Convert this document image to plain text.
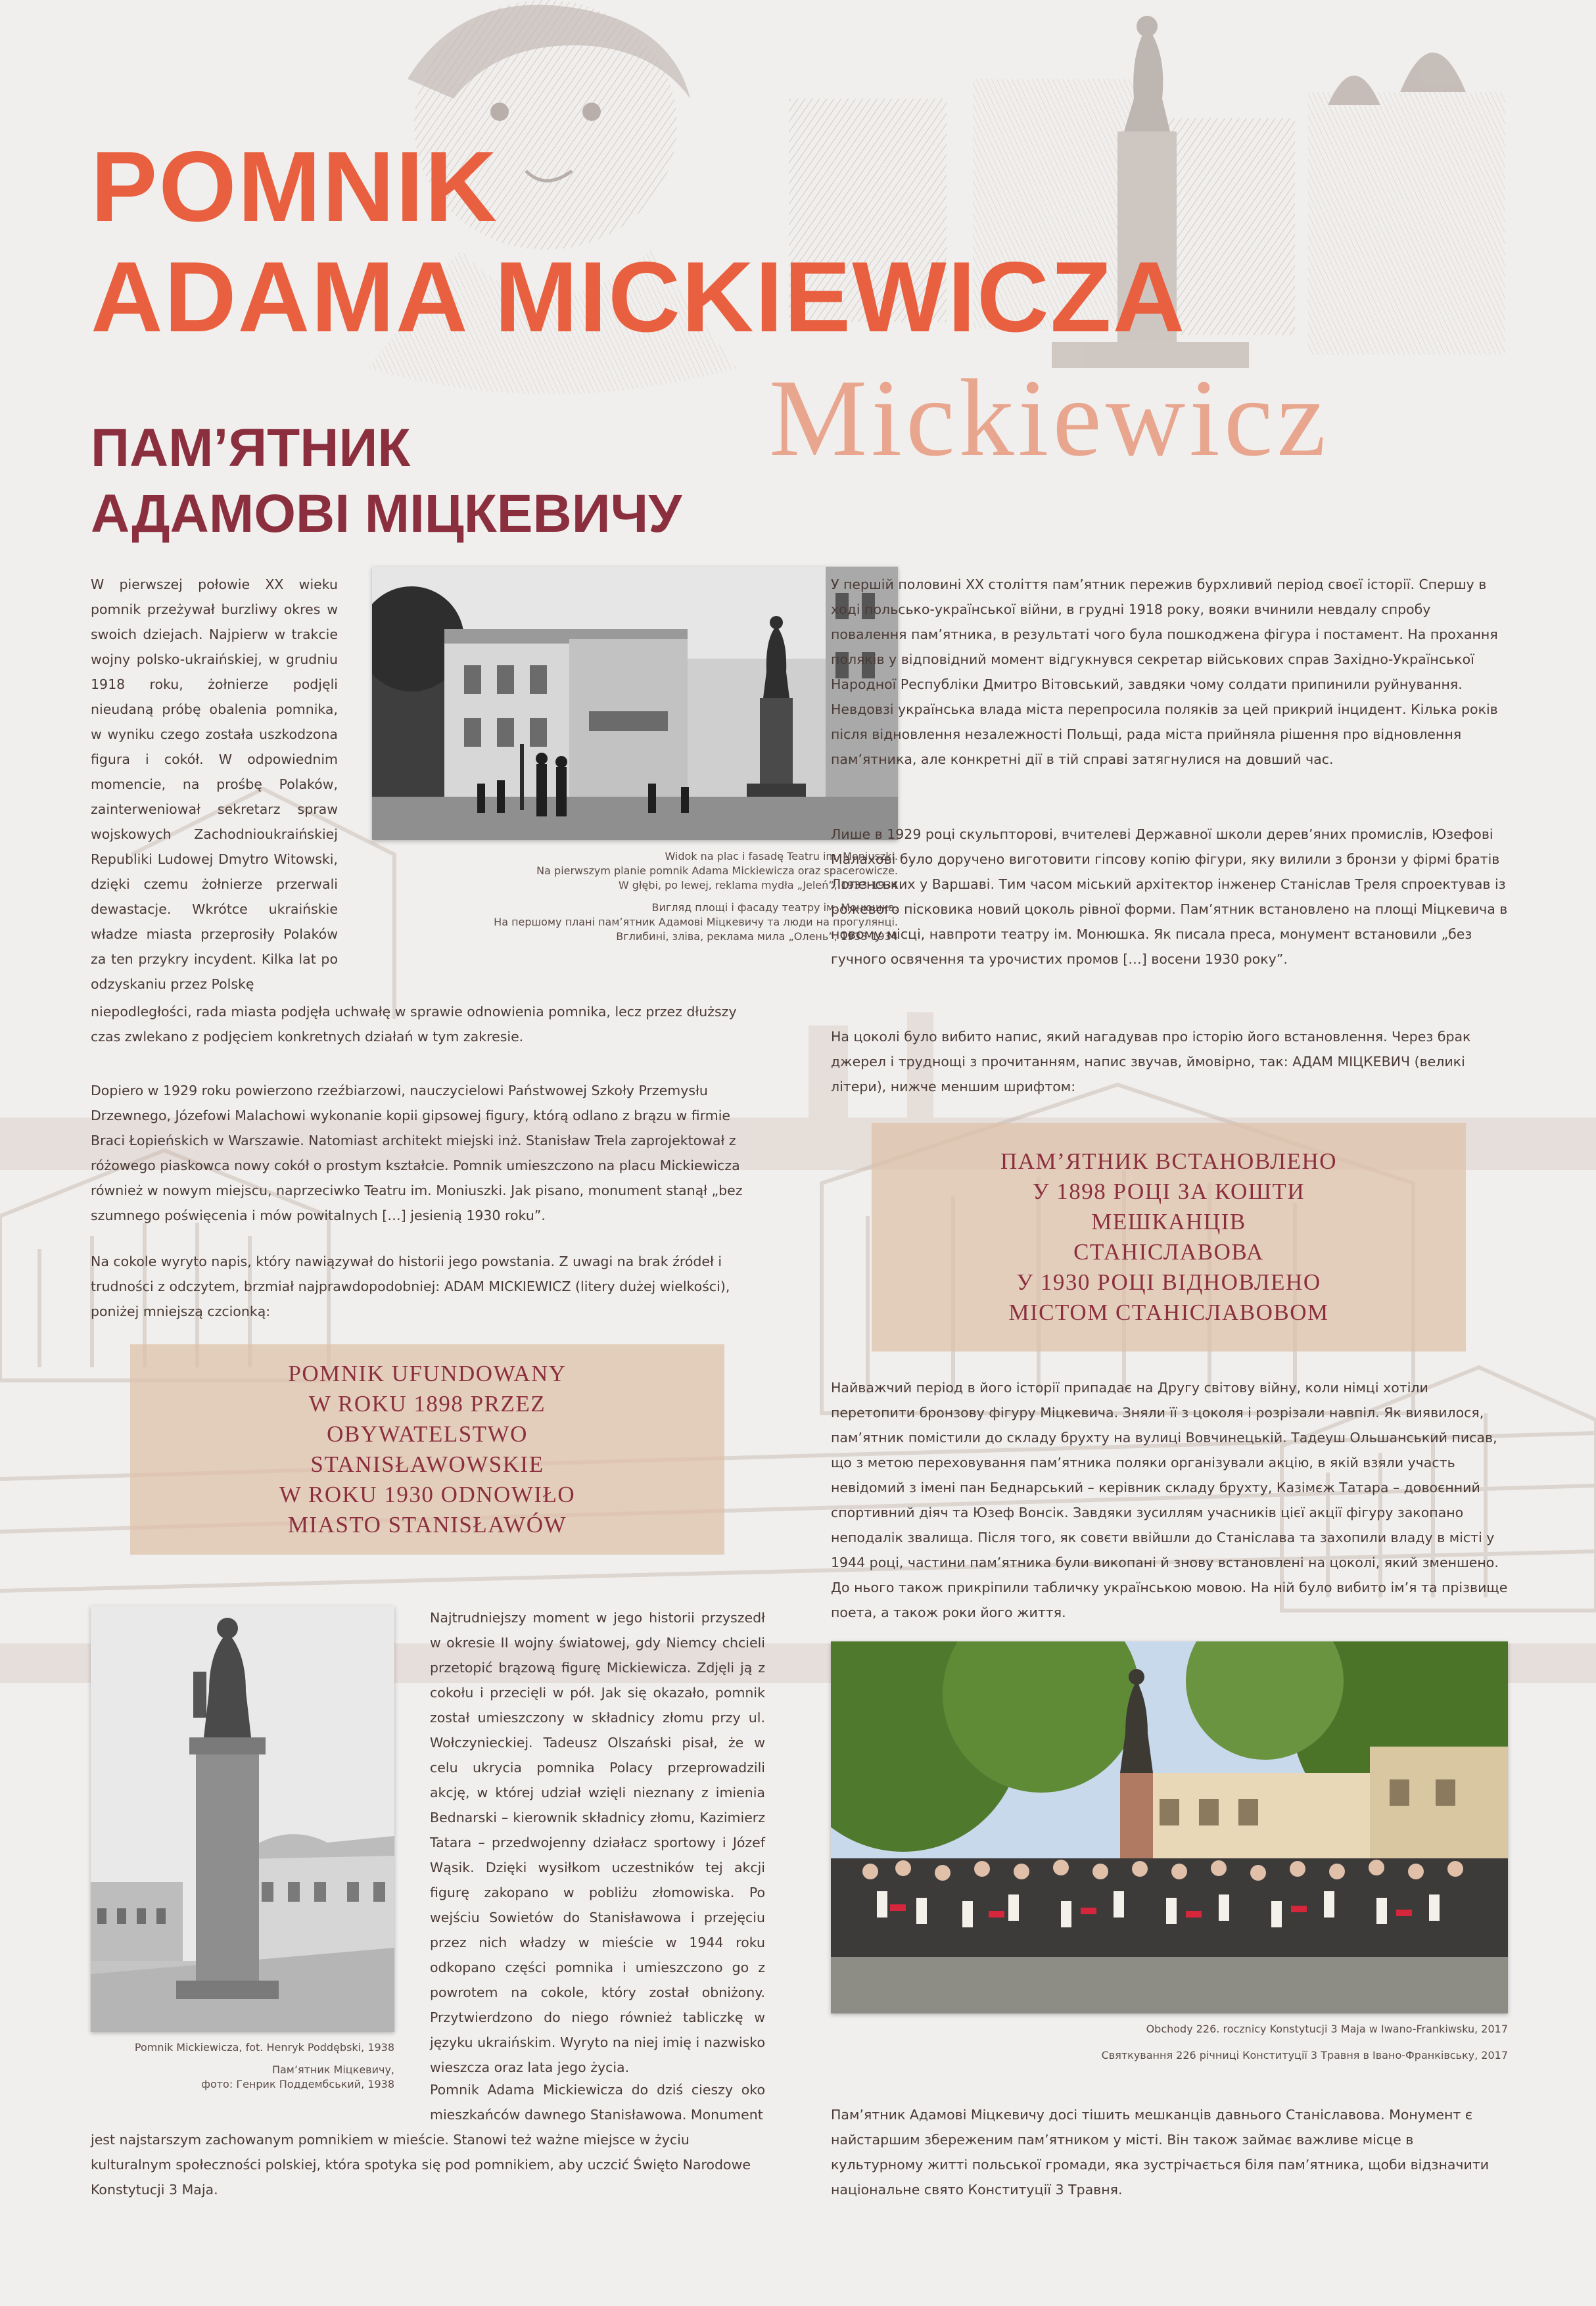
POMNIK
ADAMA MICKIEWICZA
Mickiewicz
ПАМ’ЯТНИК
АДАМОВІ МІЦКЕВИЧУ

W pierwszej połowie XX wieku pomnik przeżywał burzliwy okres w swoich dziejach. Najpierw w trakcie wojny polsko-ukraińskiej, w grudniu 1918 roku, żołnierze podjęli nieudaną próbę obalenia pomnika, w wyniku czego została uszkodzona figura i cokół. W odpowiednim momencie, na prośbę Polaków, zainterweniował sekretarz spraw wojskowych Zachodnioukraińskiej Republiki Ludowej Dmytro Witowski, dzięki czemu żołnierze przerwali dewastacje. Wkrótce ukraińskie władze miasta przeprosiły Polaków za ten przykry incydent. Kilka lat po odzyskaniu przez Polskę

Widok na plac i fasadę Teatru im. Moniuszki.

Na pierwszym planie pomnik Adama Mickiewicza oraz spacerowicze.

W głębi, po lewej, reklama mydła „Jeleń”, 1933-1934

Вигляд площі і фасаду театру ім. Монюшка.

На першому плані пам’ятник Адамові Міцкевичу та люди на прогулянці.

Вглибині, зліва, реклама мила „Олень”, 1933-1934

niepodległości, rada miasta podjęła uchwałę w sprawie odnowienia pomnika, lecz przez dłuższy czas zwlekano z podjęciem konkretnych działań w tym zakresie.

Dopiero w 1929 roku powierzono rzeźbiarzowi, nauczycielowi Państwowej Szkoły Przemysłu Drzewnego, Józefowi Malachowi wykonanie kopii gipsowej figury, którą odlano z brązu w firmie Braci Łopieńskich w Warszawie. Natomiast architekt miejski inż. Stanisław Trela zaprojektował z różowego piaskowca nowy cokół o prostym kształcie. Pomnik umieszczono na placu Mickiewicza również w nowym miejscu, naprzeciwko Teatru im. Moniuszki. Jak pisano, monument stanął „bez szumnego poświęcenia i mów powitalnych […] jesienią 1930 roku”.

Na cokole wyryto napis, który nawiązywał do historii jego powstania. Z uwagi na brak źródeł i trudności z odczytem, brzmiał najprawdopodobniej: ADAM MICKIEWICZ (litery dużej wielkości), poniżej mniejszą czcionką:

POMNIK UFUNDOWANY
W ROKU 1898 PRZEZ
OBYWATELSTWO
STANISŁAWOWSKIE
W ROKU 1930 ODNOWIŁO
MIASTO STANISŁAWÓW

Pomnik Mickiewicza, fot. Henryk Poddębski, 1938

Пам’ятник Міцкевичу,

фото: Генрик Поддембський, 1938

Najtrudniejszy moment w jego historii przyszedł w okresie II wojny światowej, gdy Niemcy chcieli przetopić brązową figurę Mickiewicza. Zdjęli ją z cokołu i przecięli w pół. Jak się okazało, pomnik został umieszczony w składnicy złomu przy ul. Wołczynieckiej. Tadeusz Olszański pisał, że w celu ukrycia pomnika Polacy przeprowadzili akcję, w której udział wzięli nieznany z imienia Bednarski – kierownik składnicy złomu, Kazimierz Tatara – przedwojenny działacz sportowy i Józef Wąsik. Dzięki wysiłkom uczestników tej akcji figurę zakopano w pobliżu złomowiska. Po wejściu Sowietów do Stanisławowa i przejęciu przez nich władzy w mieście w 1944 roku odkopano części pomnika i umieszczono go z powrotem na cokole, który został obniżony. Przytwierdzono do niego również tabliczkę w języku ukraińskim. Wyryto na niej imię i nazwisko wieszcza oraz lata jego życia.

Pomnik Adama Mickiewicza do dziś cieszy oko mieszkańców dawnego Stanisławowa. Monument

jest najstarszym zachowanym pomnikiem w mieście. Stanowi też ważne miejsce w życiu kulturalnym społeczności polskiej, która spotyka się pod pomnikiem, aby uczcić Święto Narodowe Konstytucji 3 Maja.

У першій половині XX століття пам’ятник пережив бурхливий період своєї історії. Спершу в ході польсько-української війни, в грудні 1918 року, вояки вчинили невдалу спробу повалення пам’ятника, в результаті чого була пошкоджена фігура і постамент. На прохання поляків у відповідний момент відгукнувся секретар військових справ Західно-Української Народної Республіки Дмитро Вітовський, завдяки чому солдати припинили руйнування. Невдовзі українська влада міста перепросила поляків за цей прикрий інцидент. Кілька років після відновлення незалежності Польщі, рада міста прийняла рішення про відновлення пам’ятника, але конкретні дії в тій справі затягнулися на довший час.

Лише в 1929 році скульпторові, вчителеві Державної школи дерев’яних промислів, Юзефові Малахові було доручено виготовити гіпсову копію фігури, яку вилили з бронзи у фірмі братів Лопенських у Варшаві. Тим часом міський архітектор інженер Станіслав Треля спроектував із рожевого пісковика новий цоколь рівної форми. Пам’ятник встановлено на площі Міцкевича в новому місці, навпроти театру ім. Монюшка. Як писала преса, монумент встановили „без гучного освячення та урочистих промов […] восени 1930 року”.

На цоколі було вибито напис, який нагадував про історію його встановлення. Через брак джерел і труднощі з прочитанням, напис звучав, ймовірно, так: АДАМ МІЦКЕВИЧ (великі літери), нижче меншим шрифтом:

ПАМ’ЯТНИК ВСТАНОВЛЕНО
У 1898 РОЦІ ЗА КОШТИ
МЕШКАНЦІВ
СТАНІСЛАВОВА
У 1930 РОЦІ ВІДНОВЛЕНО
МІСТОМ СТАНІСЛАВОВОМ

Найважчий період в його історії припадає на Другу світову війну, коли німці хотіли перетопити бронзову фігуру Міцкевича. Зняли її з цоколя і розрізали навпіл. Як виявилося, пам’ятник помістили до складу брухту на вулиці Вовчинецькій. Тадеуш Ольшанський писав, що з метою переховування пам’ятника поляки організували акцію, в якій взяли участь невідомий з імені пан Беднарський – керівник складу брухту, Казімєж Татара – довоєнний спортивний діяч та Юзеф Вонсік. Завдяки зусиллям учасників цієї акції фігуру закопано неподалік звалища. Після того, як совєти ввійшли до Станіслава та захопили владу в місті у 1944 році, частини пам’ятника були викопані й знову встановлені на цоколі, який зменшено. До нього також прикріпили табличку українською мовою. На ній було вибито ім’я та прізвище поета, а також роки його життя.

Obchody 226. rocznicy Konstytucji 3 Maja w Iwano-Frankiwsku, 2017

Святкування 226 річниці Конституції 3 Травня в Івано-Франківську, 2017

Пам’ятник Адамові Міцкевичу досі тішить мешканців давнього Станіславова. Монумент є найстаршим збереженим пам’ятником у місті. Він також займає важливе місце в культурному житті польської громади, яка зустрічається біля пам’ятника, щоби відзначити національне свято Конституції 3 Травня.
